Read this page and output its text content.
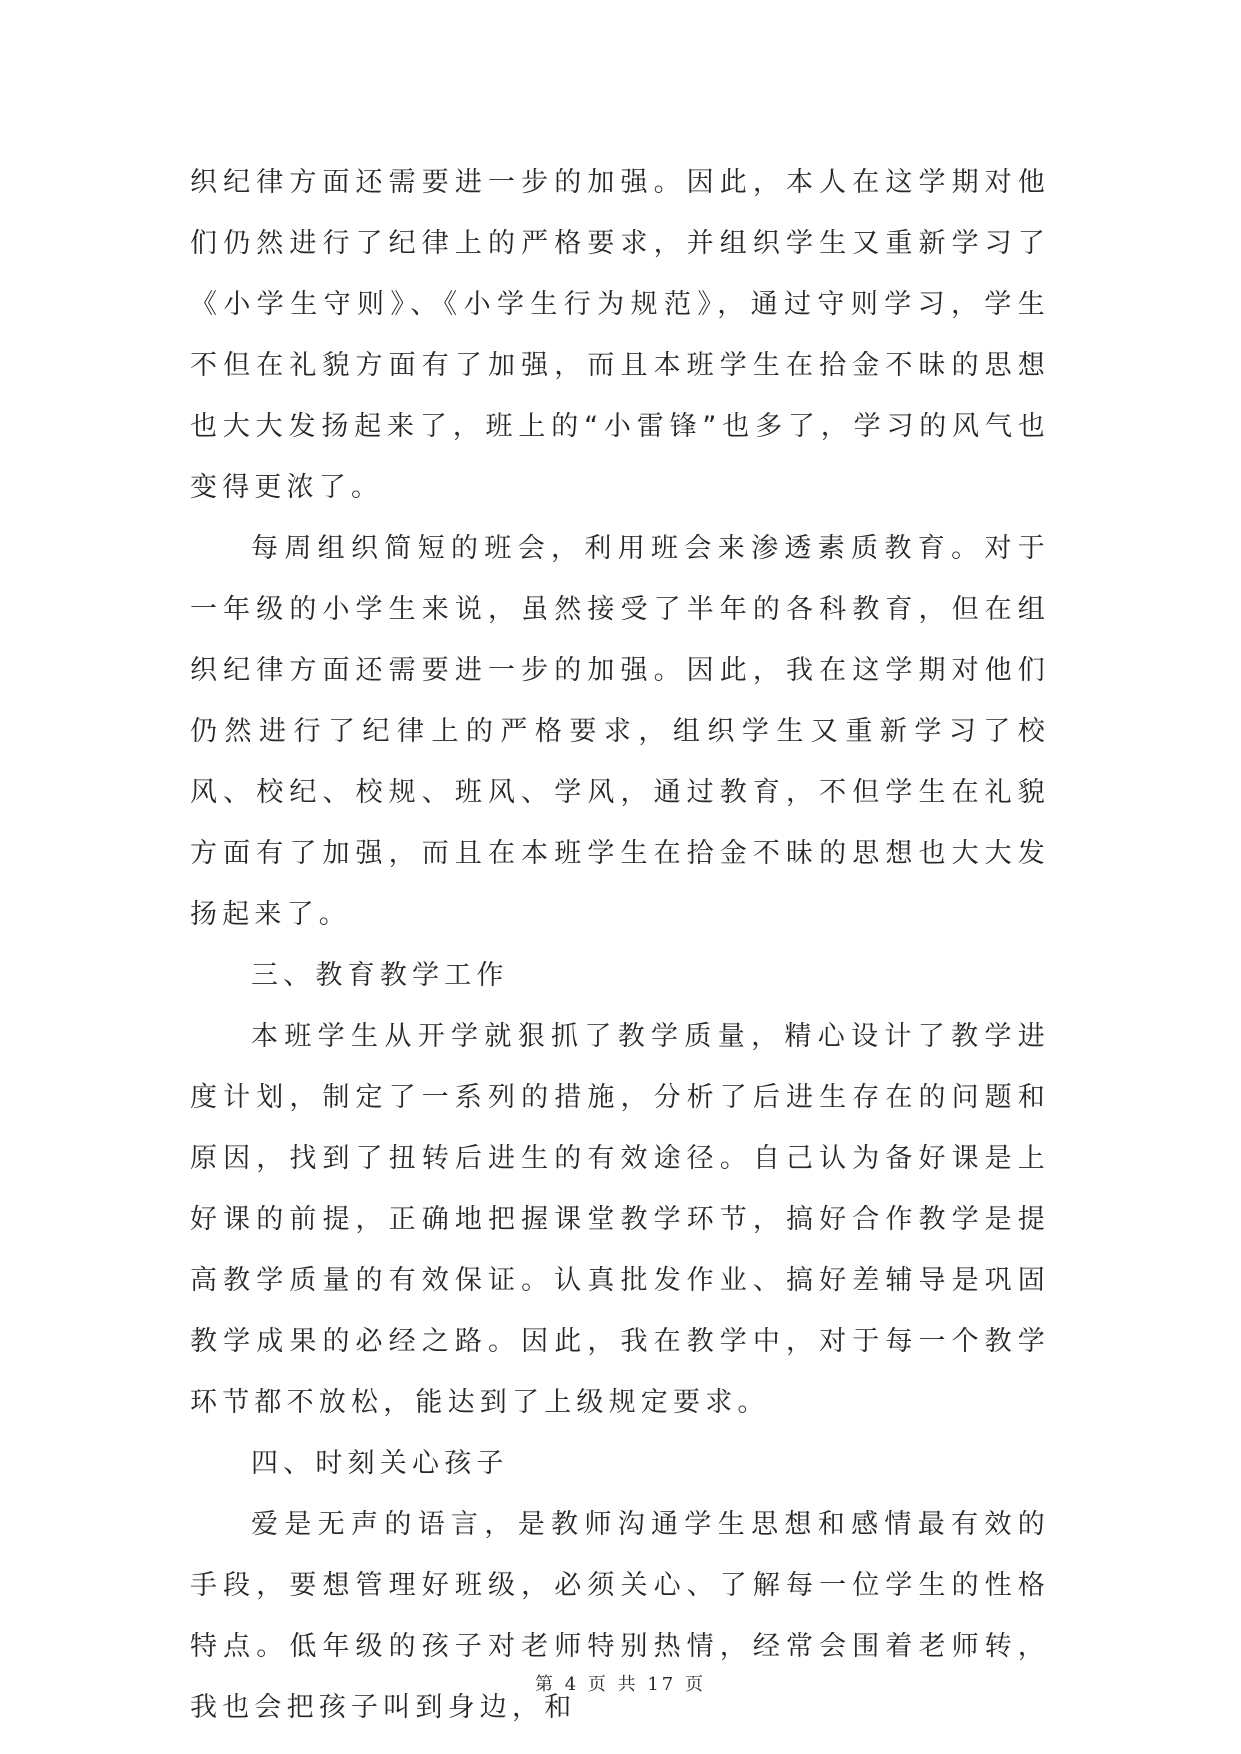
织纪律方面还需要进一步的加强。因此，本人在这学期对他们仍然进行了纪律上的严格要求，并组织学生又重新学习了《小学生守则》、《小学生行为规范》，通过守则学习，学生不但在礼貌方面有了加强，而且本班学生在拾金不昧的思想也大大发扬起来了，班上的“小雷锋”也多了，学习的风气也变得更浓了。

每周组织简短的班会，利用班会来渗透素质教育。对于一年级的小学生来说，虽然接受了半年的各科教育，但在组织纪律方面还需要进一步的加强。因此，我在这学期对他们仍然进行了纪律上的严格要求，组织学生又重新学习了校风、校纪、校规、班风、学风，通过教育，不但学生在礼貌方面有了加强，而且在本班学生在拾金不昧的思想也大大发扬起来了。

三、教育教学工作

本班学生从开学就狠抓了教学质量，精心设计了教学进度计划，制定了一系列的措施，分析了后进生存在的问题和原因，找到了扭转后进生的有效途径。自己认为备好课是上好课的前提，正确地把握课堂教学环节，搞好合作教学是提高教学质量的有效保证。认真批发作业、搞好差辅导是巩固教学成果的必经之路。因此，我在教学中，对于每一个教学环节都不放松，能达到了上级规定要求。

四、时刻关心孩子

爱是无声的语言，是教师沟通学生思想和感情最有效的手段，要想管理好班级，必须关心、了解每一位学生的性格特点。低年级的孩子对老师特别热情，经常会围着老师转，我也会把孩子叫到身边，和

第 4 页 共 17 页
